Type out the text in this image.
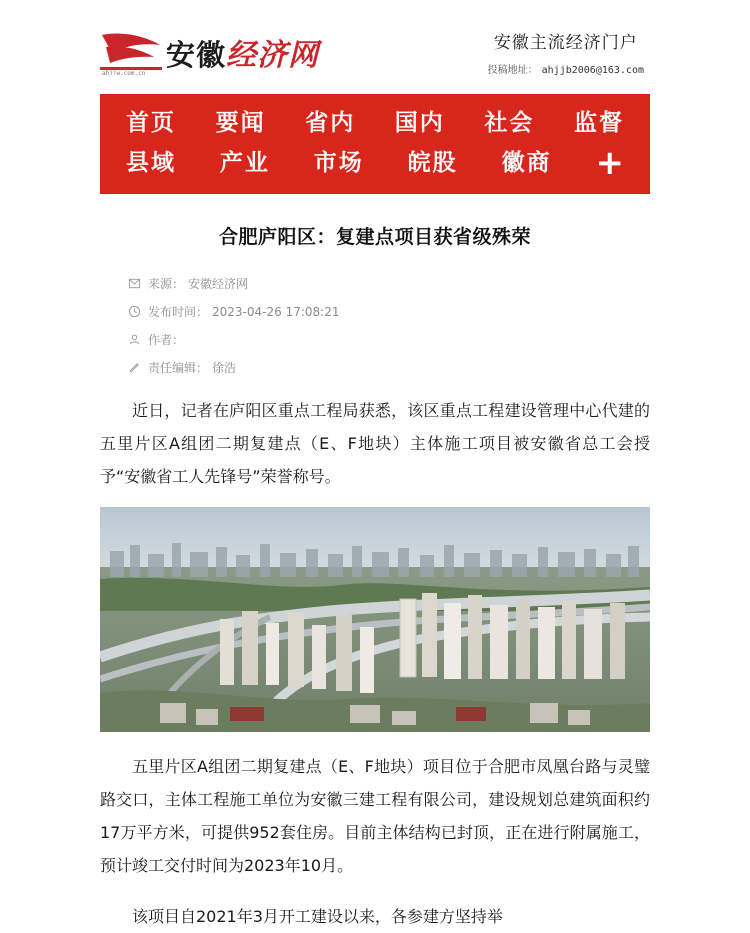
ahjjw.com.cn
安徽 经济网	安徽主流经济门户
投稿地址： ahjjb2006@163.com
首页 要闻 省内 国内 社会 监督
县域 产业 市场 皖股 徽商 +
合肥庐阳区：复建点项目获省级殊荣
来源： 安徽经济网
发布时间： 2023-04-26 17:08:21
作者：
责任编辑： 徐浩

近日，记者在庐阳区重点工程局获悉，该区重点工程建设管理中心代建的五里片区A组团二期复建点（E、F地块）主体施工项目被安徽省总工会授予“安徽省工人先锋号”荣誉称号。

五里片区A组团二期复建点（E、F地块）项目位于合肥市凤凰台路与灵璧路交口，主体工程施工单位为安徽三建工程有限公司，建设规划总建筑面积约17万平方米，可提供952套住房。目前主体结构已封顶，正在进行附属施工，预计竣工交付时间为2023年10月。

该项目自2021年3月开工建设以来，各参建方坚持举
